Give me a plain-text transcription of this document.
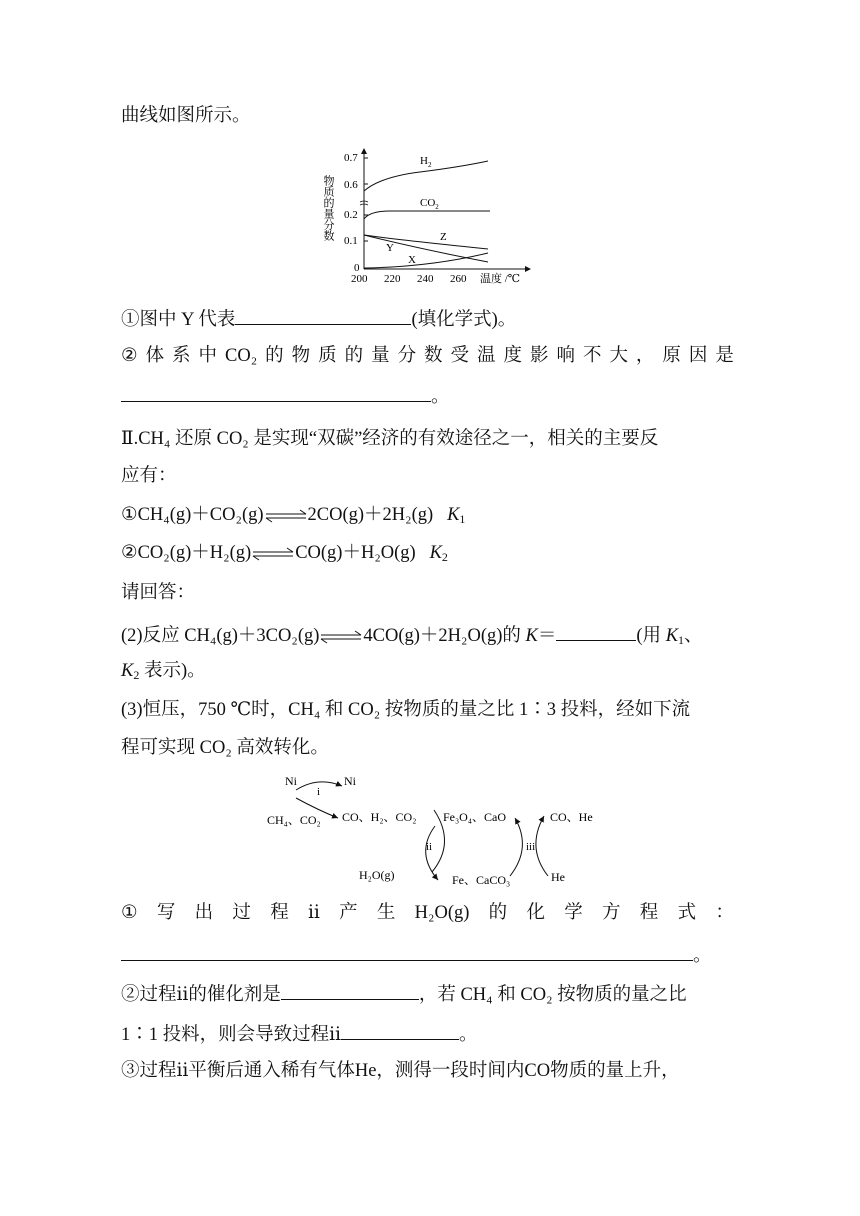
曲线如图所示。
物质的量分数
0.7
0.6
0.2
0.1
0
200 220 240 260 温度 /℃
$H_2$
$CO_2$
Z
Y
X
①图中 Y 代表	(填化学式)。
② 体 系 中 CO₂ 的 物 质 的 量 分 数 受 温 度 影 响 不 大 ， 原 因 是
。
Ⅱ.CH₄ 还原 CO₂ 是实现“双碳”经济的有效途径之一，相关的主要反
应有：
①CH₄(g)＋CO₂(g)⇌2CO(g)＋2H₂(g) $K_1$
②CO₂(g)＋H₂(g)⇌CO(g)＋H₂O(g) $K_2$
请回答：
(2)反应 CH₄(g)＋3CO₂(g)⇌4CO(g)＋2H₂O(g)的 K＝	(用 $K_1$、
$K_2$ 表示)。
(3)恒压，750 ℃时，CH₄ 和 CO₂ 按物质的量之比 1∶3 投料，经如下流
程可实现 CO₂ 高效转化。
Ni	Ni
i
CH₄、CO₂ CO、H₂、CO₂ Fe₃O₄、CaO	CO、He
ii	iii
H₂O(g)	Fe、CaCO₃	He
① 写 出 过 程 ⅱ 产 生 H₂O(g) 的 化 学 方 程 式 ：
。
②过程ⅱ的催化剂是	，若 CH₄ 和 CO₂ 按物质的量之比
1∶1 投料，则会导致过程ⅱ	。
③过程ⅱ平衡后通入稀有气体He，测得一段时间内CO物质的量上升，
